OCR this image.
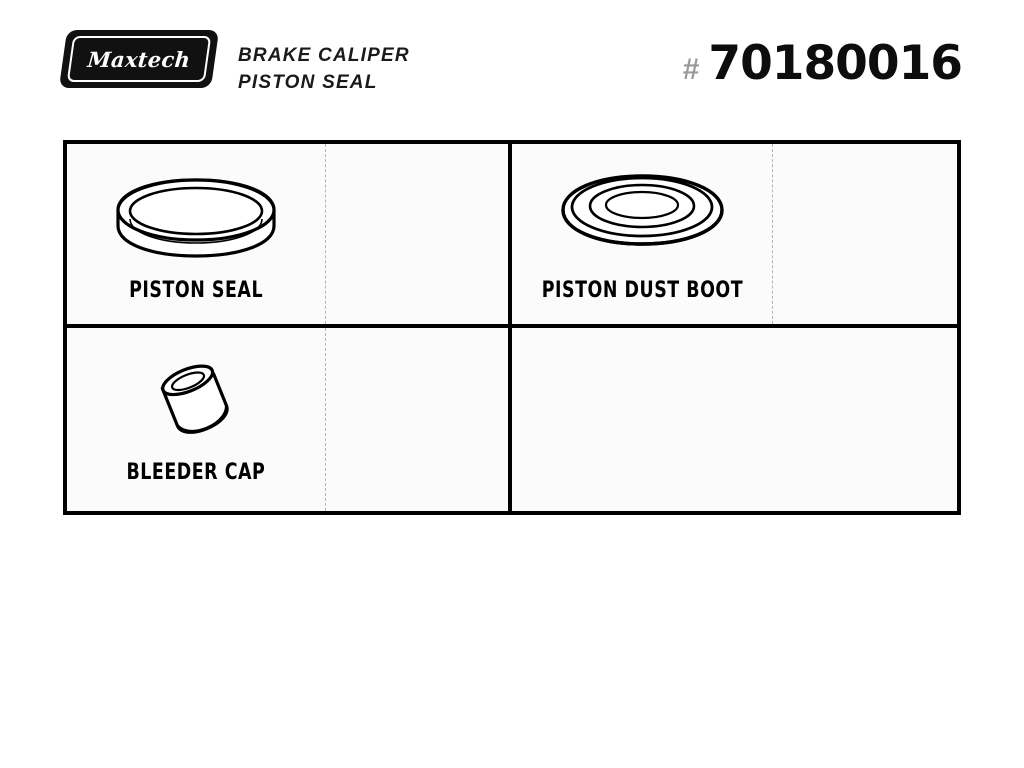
Maxtech ® BRAKE CALIPER
PISTON SEAL	# 70180016
PISTON SEAL	PISTON DUST BOOT
BLEEDER CAP
